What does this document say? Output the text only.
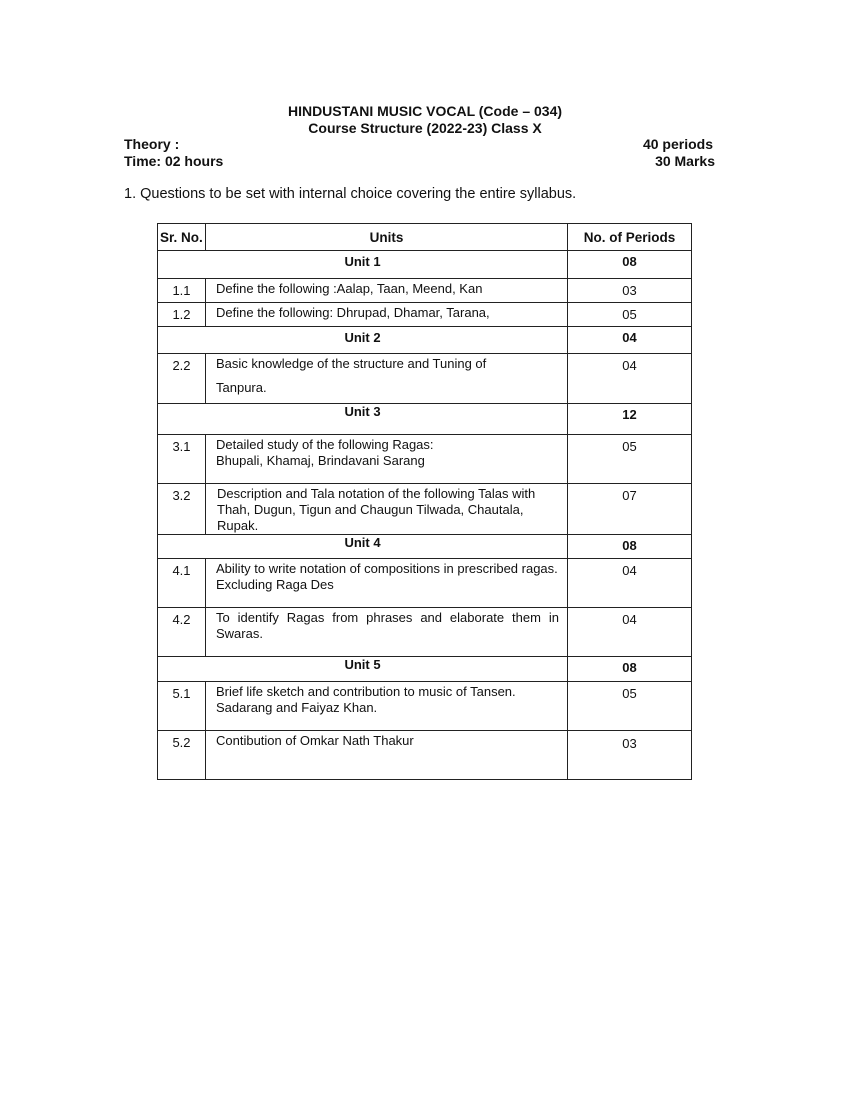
HINDUSTANI MUSIC VOCAL (Code – 034)
Course Structure (2022-23) Class X
Theory :
Time: 02 hours
40 periods
30 Marks
1. Questions to be set with internal choice covering the entire syllabus.
Sr. No.	Units	No. of Periods
Unit 1		08
1.1	Define the following :Aalap, Taan, Meend, Kan	03
1.2	Define the following: Dhrupad, Dhamar, Tarana,	05
Unit 2		04
2.2	Basic knowledge of the structure and Tuning of
Tanpura.	04
Unit 3		12
3.1	Detailed study of the following Ragas:
Bhupali, Khamaj, Brindavani Sarang	05
3.2	Description and Tala notation of the following Talas with Thah, Dugun, Tigun and Chaugun Tilwada, Chautala, Rupak.	07
Unit 4		08
4.1	Ability to write notation of compositions in prescribed ragas. Excluding Raga Des	04
4.2	To identify Ragas from phrases and elaborate them in Swaras.	04
Unit 5		08
5.1	Brief life sketch and contribution to music of Tansen.
Sadarang and Faiyaz Khan.	05
5.2	Contibution of Omkar Nath Thakur	03
